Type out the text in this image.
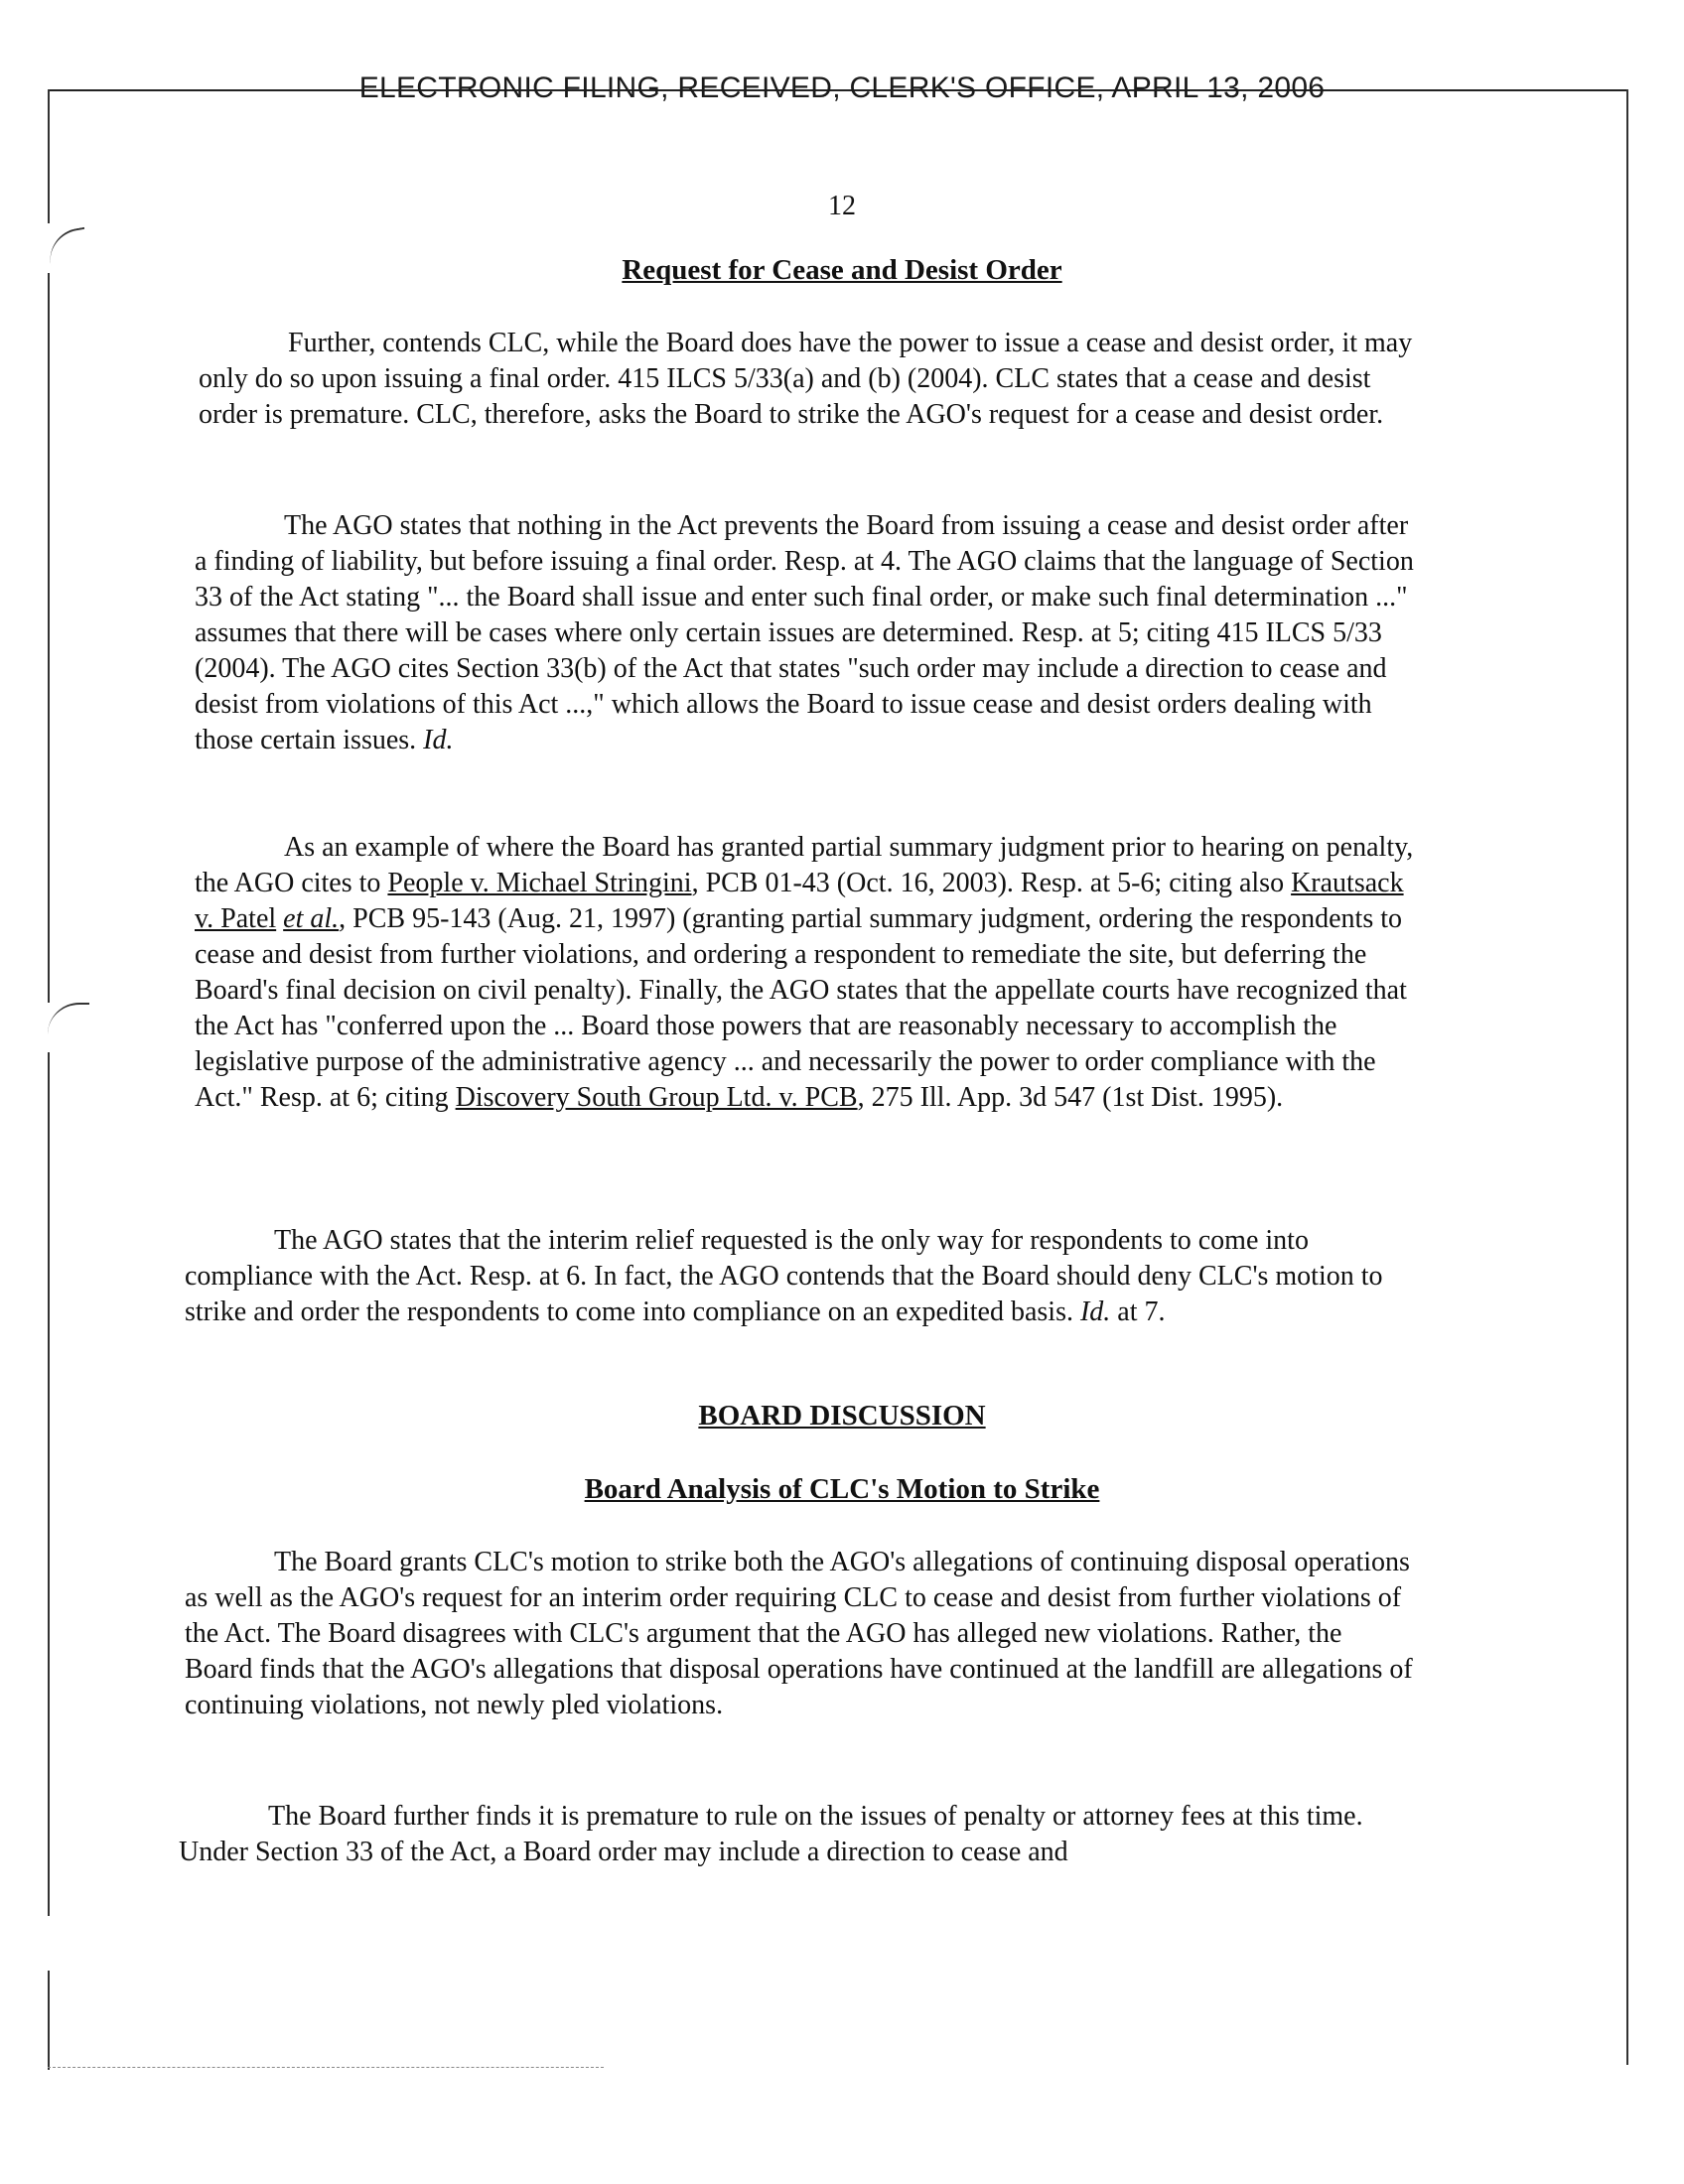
ELECTRONIC FILING, RECEIVED, CLERK'S OFFICE, APRIL 13, 2006
12
Request for Cease and Desist Order

Further, contends CLC, while the Board does have the power to issue a cease and desist order, it may only do so upon issuing a final order. 415 ILCS 5/33(a) and (b) (2004). CLC states that a cease and desist order is premature. CLC, therefore, asks the Board to strike the AGO's request for a cease and desist order.

The AGO states that nothing in the Act prevents the Board from issuing a cease and desist order after a finding of liability, but before issuing a final order. Resp. at 4. The AGO claims that the language of Section 33 of the Act stating "... the Board shall issue and enter such final order, or make such final determination ..." assumes that there will be cases where only certain issues are determined. Resp. at 5; citing 415 ILCS 5/33 (2004). The AGO cites Section 33(b) of the Act that states "such order may include a direction to cease and desist from violations of this Act ...," which allows the Board to issue cease and desist orders dealing with those certain issues. Id.

As an example of where the Board has granted partial summary judgment prior to hearing on penalty, the AGO cites to People v. Michael Stringini, PCB 01-43 (Oct. 16, 2003). Resp. at 5-6; citing also Krautsack v. Patel et al., PCB 95-143 (Aug. 21, 1997) (granting partial summary judgment, ordering the respondents to cease and desist from further violations, and ordering a respondent to remediate the site, but deferring the Board's final decision on civil penalty). Finally, the AGO states that the appellate courts have recognized that the Act has "conferred upon the ... Board those powers that are reasonably necessary to accomplish the legislative purpose of the administrative agency ... and necessarily the power to order compliance with the Act." Resp. at 6; citing Discovery South Group Ltd. v. PCB, 275 Ill. App. 3d 547 (1st Dist. 1995).

The AGO states that the interim relief requested is the only way for respondents to come into compliance with the Act. Resp. at 6. In fact, the AGO contends that the Board should deny CLC's motion to strike and order the respondents to come into compliance on an expedited basis. Id. at 7.

BOARD DISCUSSION
Board Analysis of CLC's Motion to Strike

The Board grants CLC's motion to strike both the AGO's allegations of continuing disposal operations as well as the AGO's request for an interim order requiring CLC to cease and desist from further violations of the Act. The Board disagrees with CLC's argument that the AGO has alleged new violations. Rather, the Board finds that the AGO's allegations that disposal operations have continued at the landfill are allegations of continuing violations, not newly pled violations.

The Board further finds it is premature to rule on the issues of penalty or attorney fees at this time. Under Section 33 of the Act, a Board order may include a direction to cease and
